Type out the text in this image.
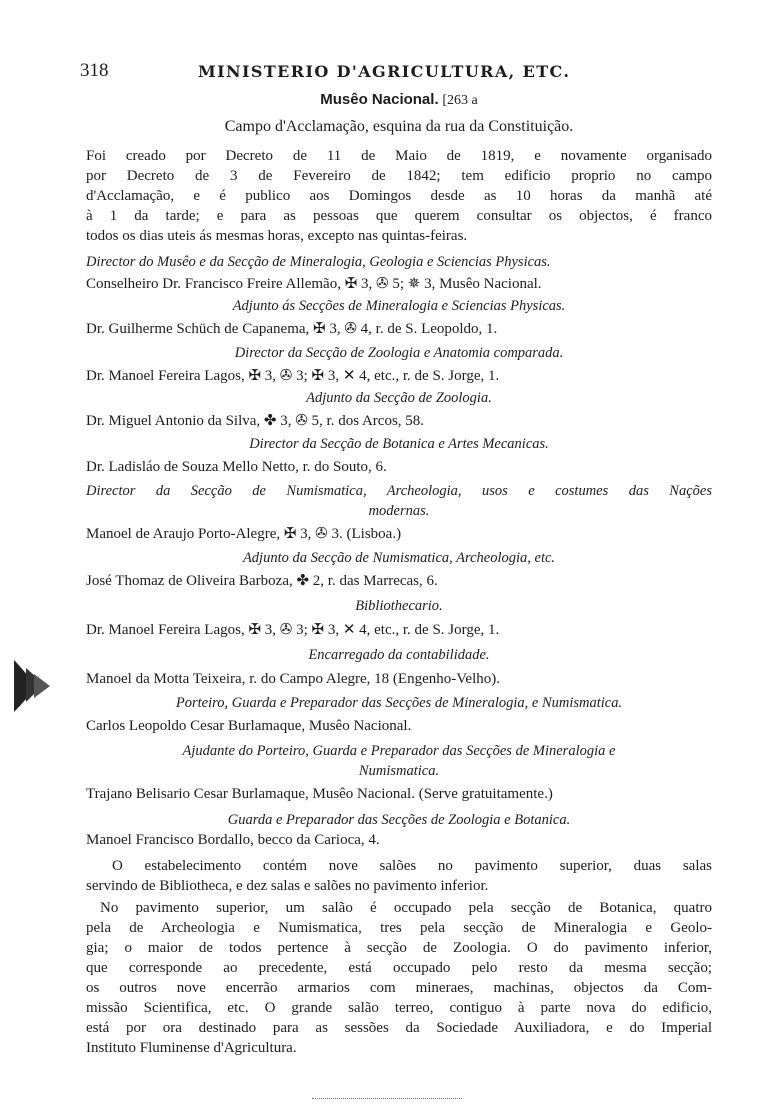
318	MINISTERIO D'AGRICULTURA, ETC.
Musêo Nacional. [263 a
Campo d'Acclamação, esquina da rua da Constituição.
Foi creado por Decreto de 11 de Maio de 1819, e novamente organisado
por Decreto de 3 de Fevereiro de 1842; tem edificio proprio no campo
d'Acclamação, e é publico aos Domingos desde as 10 horas da manhã até
à 1 da tarde; e para as pessoas que querem consultar os objectos, é franco
todos os dias uteis ás mesmas horas, excepto nas quintas-feiras.
Director do Musêo e da Secção de Mineralogia, Geologia e Sciencias Physicas.
Conselheiro Dr. Francisco Freire Allemão, ✠ 3, ✇ 5; ✵ 3, Musêo Nacional.
Adjunto ás Secções de Mineralogia e Sciencias Physicas.
Dr. Guilherme Schüch de Capanema, ✠ 3, ✇ 4, r. de S. Leopoldo, 1.
Director da Secção de Zoologia e Anatomia comparada.
Dr. Manoel Fereira Lagos, ✠ 3, ✇ 3; ✠ 3, ✕ 4, etc., r. de S. Jorge, 1.
Adjunto da Secção de Zoologia.
Dr. Miguel Antonio da Silva, ✤ 3, ✇ 5, r. dos Arcos, 58.
Director da Secção de Botanica e Artes Mecanicas.
Dr. Ladisláo de Souza Mello Netto, r. do Souto, 6.
Director da Secção de Numismatica, Archeologia, usos e costumes das Nações
modernas.
Manoel de Araujo Porto-Alegre, ✠ 3, ✇ 3. (Lisboa.)
Adjunto da Secção de Numismatica, Archeologia, etc.
José Thomaz de Oliveira Barboza, ✤ 2, r. das Marrecas, 6.
Bibliothecario.
Dr. Manoel Fereira Lagos, ✠ 3, ✇ 3; ✠ 3, ✕ 4, etc., r. de S. Jorge, 1.
Encarregado da contabilidade.
Manoel da Motta Teixeira, r. do Campo Alegre, 18 (Engenho-Velho).
Porteiro, Guarda e Preparador das Secções de Mineralogia, e Numismatica.
Carlos Leopoldo Cesar Burlamaque, Musêo Nacional.
Ajudante do Porteiro, Guarda e Preparador das Secções de Mineralogia e
Numismatica.
Trajano Belisario Cesar Burlamaque, Musêo Nacional. (Serve gratuitamente.)
Guarda e Preparador das Secções de Zoologia e Botanica.
Manoel Francisco Bordallo, becco da Carioca, 4.
O estabelecimento contém nove salões no pavimento superior, duas salas
servindo de Bibliotheca, e dez salas e salões no pavimento inferior.
No pavimento superior, um salão é occupado pela secção de Botanica, quatro
pela de Archeologia e Numismatica, tres pela secção de Mineralogia e Geolo-
gia; o maior de todos pertence à secção de Zoologia. O do pavimento inferior,
que corresponde ao precedente, está occupado pelo resto da mesma secção;
os outros nove encerrão armarios com mineraes, machinas, objectos da Com-
missão Scientifica, etc. O grande salão terreo, contiguo à parte nova do edificio,
está por ora destinado para as sessões da Sociedade Auxiliadora, e do Imperial
Instituto Fluminense d'Agricultura.
